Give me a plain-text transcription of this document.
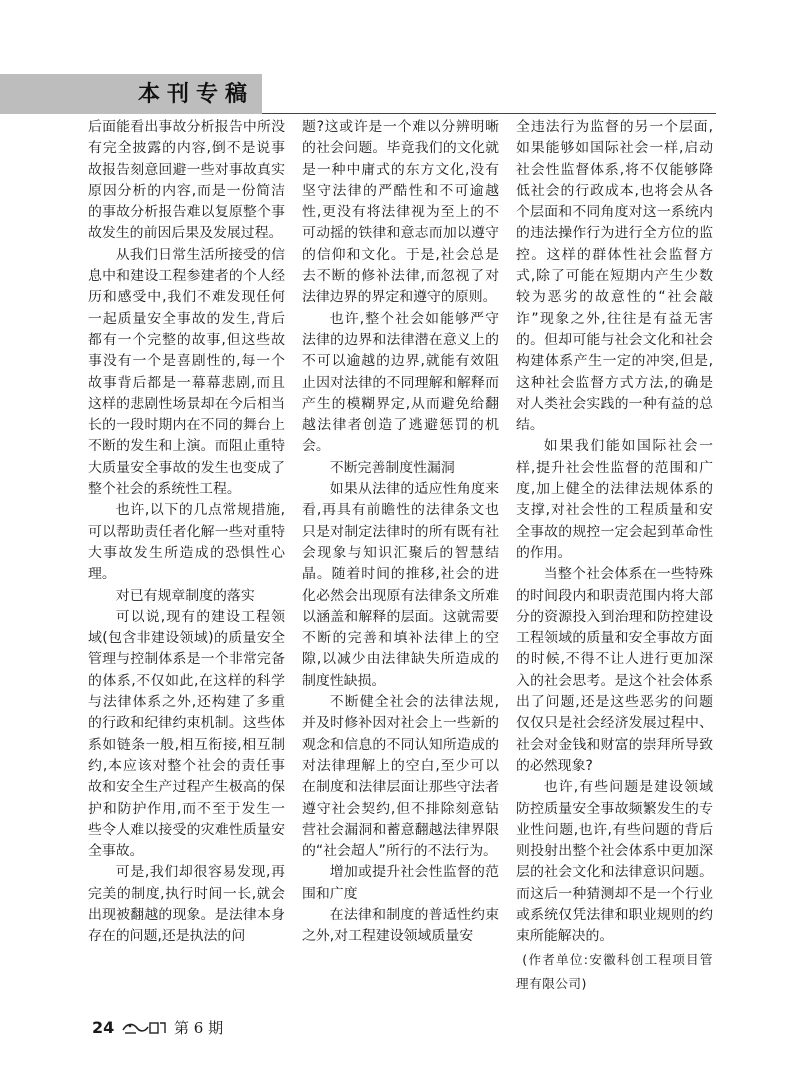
本刊专稿

后面能看出事故分析报告中所没有完全披露的内容,倒不是说事故报告刻意回避一些对事故真实原因分析的内容,而是一份简洁的事故分析报告难以复原整个事故发生的前因后果及发展过程。

从我们日常生活所接受的信息中和建设工程参建者的个人经历和感受中,我们不难发现任何一起质量安全事故的发生,背后都有一个完整的故事,但这些故事没有一个是喜剧性的,每一个故事背后都是一幕幕悲剧,而且这样的悲剧性场景却在今后相当长的一段时期内在不同的舞台上不断的发生和上演。而阻止重特大质量安全事故的发生也变成了整个社会的系统性工程。

也许,以下的几点常规措施,可以帮助责任者化解一些对重特大事故发生所造成的恐惧性心理。

对已有规章制度的落实

可以说,现有的建设工程领域(包含非建设领域)的质量安全管理与控制体系是一个非常完备的体系,不仅如此,在这样的科学与法律体系之外,还构建了多重的行政和纪律约束机制。这些体系如链条一般,相互衔接,相互制约,本应该对整个社会的责任事故和安全生产过程产生极高的保护和防护作用,而不至于发生一些令人难以接受的灾难性质量安全事故。

可是,我们却很容易发现,再完美的制度,执行时间一长,就会出现被翻越的现象。是法律本身存在的问题,还是执法的问

题?这或许是一个难以分辨明晰的社会问题。毕竟我们的文化就是一种中庸式的东方文化,没有坚守法律的严酷性和不可逾越性,更没有将法律视为至上的不可动摇的铁律和意志而加以遵守的信仰和文化。于是,社会总是去不断的修补法律,而忽视了对法律边界的界定和遵守的原则。

也许,整个社会如能够严守法律的边界和法律潜在意义上的不可以逾越的边界,就能有效阻止因对法律的不同理解和解释而产生的模糊界定,从而避免给翻越法律者创造了逃避惩罚的机会。

不断完善制度性漏洞

如果从法律的适应性角度来看,再具有前瞻性的法律条文也只是对制定法律时的所有既有社会现象与知识汇聚后的智慧结晶。随着时间的推移,社会的进化必然会出现原有法律条文所难以涵盖和解释的层面。这就需要不断的完善和填补法律上的空隙,以减少由法律缺失所造成的制度性缺损。

不断健全社会的法律法规,并及时修补因对社会上一些新的观念和信息的不同认知所造成的对法律理解上的空白,至少可以在制度和法律层面让那些守法者遵守社会契约,但不排除刻意钻营社会漏洞和蓄意翻越法律界限的“社会超人”所行的不法行为。

增加或提升社会性监督的范围和广度

在法律和制度的普适性约束之外,对工程建设领域质量安

全违法行为监督的另一个层面,如果能够如国际社会一样,启动社会性监督体系,将不仅能够降低社会的行政成本,也将会从各个层面和不同角度对这一系统内的违法操作行为进行全方位的监控。这样的群体性社会监督方式,除了可能在短期内产生少数较为恶劣的故意性的“社会敲诈”现象之外,往往是有益无害的。但却可能与社会文化和社会构建体系产生一定的冲突,但是,这种社会监督方式方法,的确是对人类社会实践的一种有益的总结。

如果我们能如国际社会一样,提升社会性监督的范围和广度,加上健全的法律法规体系的支撑,对社会性的工程质量和安全事故的规控一定会起到革命性的作用。

当整个社会体系在一些特殊的时间段内和职责范围内将大部分的资源投入到治理和防控建设工程领域的质量和安全事故方面的时候,不得不让人进行更加深入的社会思考。是这个社会体系出了问题,还是这些恶劣的问题仅仅只是社会经济发展过程中、社会对金钱和财富的崇拜所导致的必然现象?

也许,有些问题是建设领域防控质量安全事故频繁发生的专业性问题,也许,有些问题的背后则投射出整个社会体系中更加深层的社会文化和法律意识问题。而这后一种猜测却不是一个行业或系统仅凭法律和职业规则的约束所能解决的。

(作者单位:安徽科创工程项目管理有限公司)

24	第 6 期
